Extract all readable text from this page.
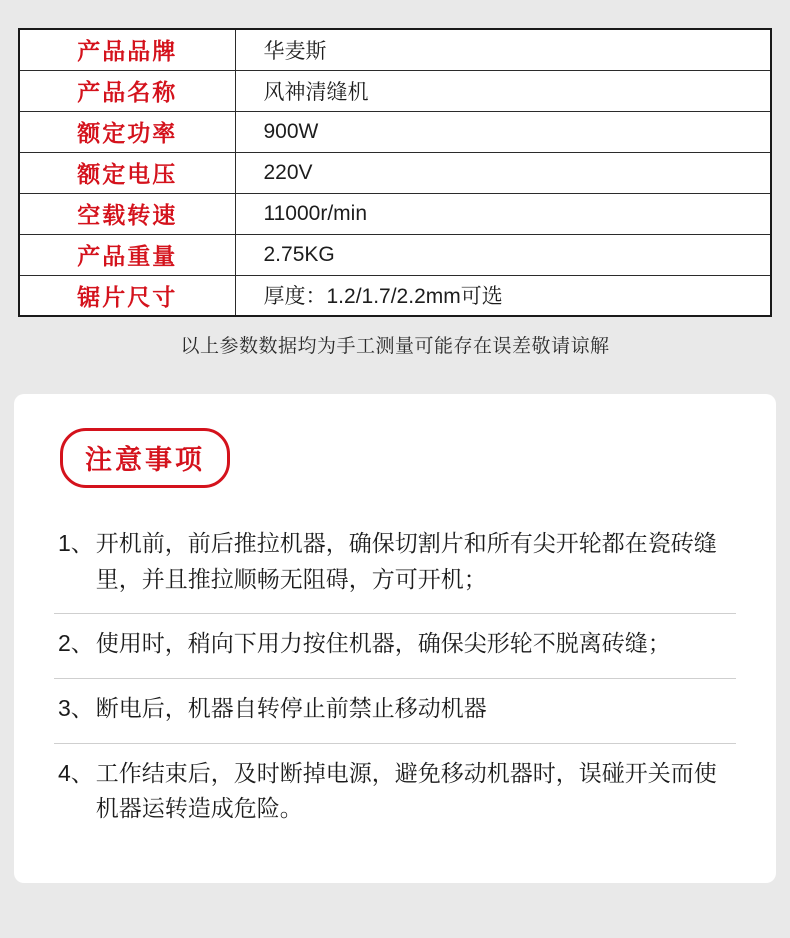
产品品牌	华麦斯
产品名称	风神清缝机
额定功率	900W
额定电压	220V
空载转速	11000r/min
产品重量	2.75KG
锯片尺寸	厚度：1.2/1.7/2.2mm可选
以上参数数据均为手工测量可能存在误差敬请谅解
注意事项
1、 开机前，前后推拉机器，确保切割片和所有尖开轮都在瓷砖缝里，并且推拉顺畅无阻碍，方可开机；
2、 使用时，稍向下用力按住机器，确保尖形轮不脱离砖缝；
3、 断电后，机器自转停止前禁止移动机器
4、 工作结束后，及时断掉电源，避免移动机器时，误碰开关而使机器运转造成危险。
